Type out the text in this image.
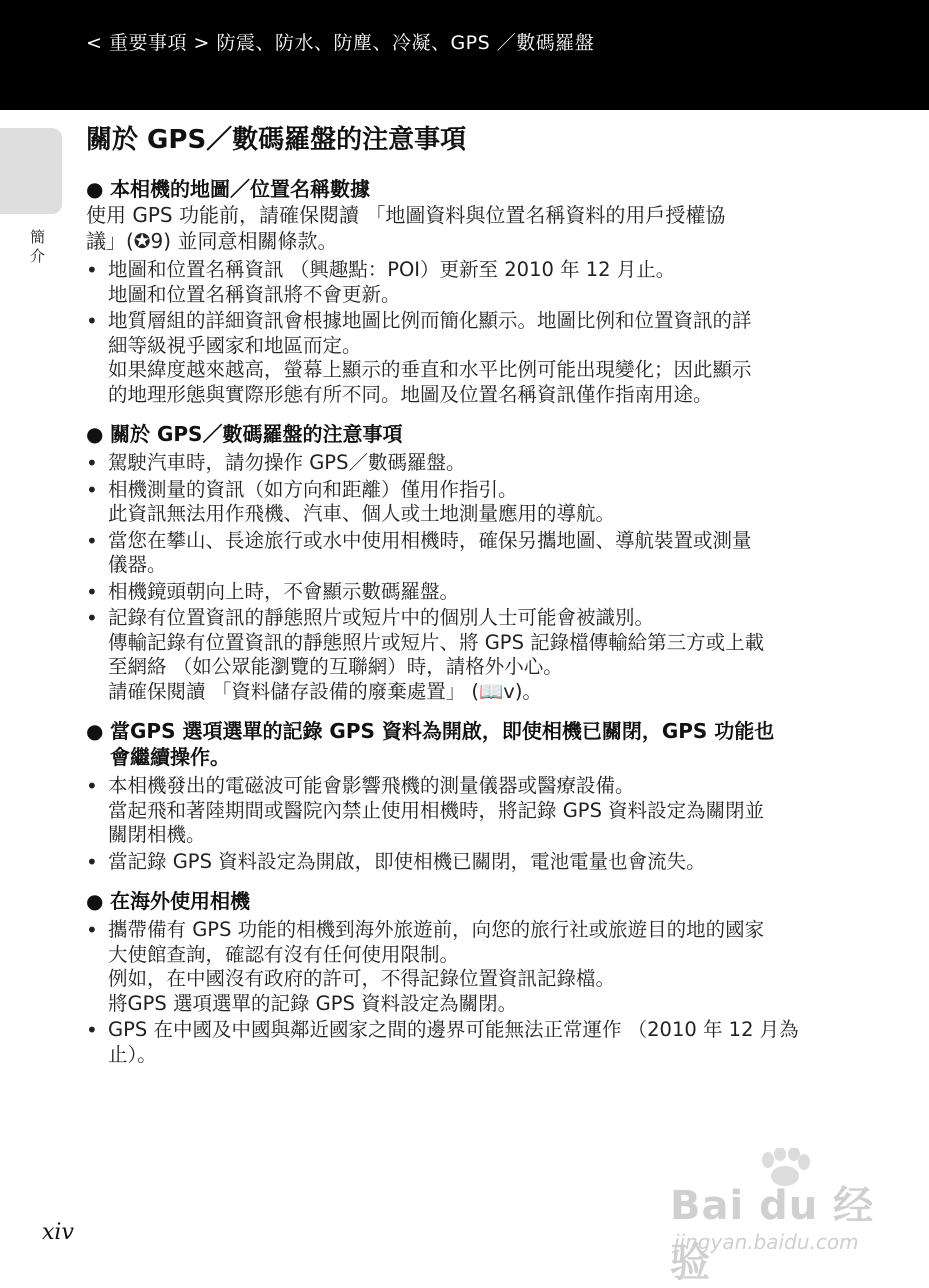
< 重要事項 > 防震、防水、防塵、冷凝、GPS ／數碼羅盤
簡
介
關於 GPS／數碼羅盤的注意事項
● 本相機的地圖／位置名稱數據
使用 GPS 功能前，請確保閱讀 「地圖資料與位置名稱資料的用戶授權協
議」(✪9) 並同意相關條款。
• 地圖和位置名稱資訊 （興趣點：POI）更新至 2010 年 12 月止。
地圖和位置名稱資訊將不會更新。
• 地質層組的詳細資訊會根據地圖比例而簡化顯示。地圖比例和位置資訊的詳
細等級視乎國家和地區而定。
如果緯度越來越高，螢幕上顯示的垂直和水平比例可能出現變化；因此顯示
的地理形態與實際形態有所不同。地圖及位置名稱資訊僅作指南用途。
● 關於 GPS／數碼羅盤的注意事項
• 駕駛汽車時，請勿操作 GPS／數碼羅盤。
• 相機測量的資訊（如方向和距離）僅用作指引。
此資訊無法用作飛機、汽車、個人或土地測量應用的導航。
• 當您在攀山、長途旅行或水中使用相機時，確保另攜地圖、導航裝置或測量
儀器。
• 相機鏡頭朝向上時，不會顯示數碼羅盤。
• 記錄有位置資訊的靜態照片或短片中的個別人士可能會被識別。
傳輸記錄有位置資訊的靜態照片或短片、將 GPS 記錄檔傳輸給第三方或上載
至網絡 （如公眾能瀏覽的互聯網）時，請格外小心。
請確保閱讀 「資料儲存設備的廢棄處置」 (📖v)。
● 當GPS 選項選單的記錄 GPS 資料為開啟，即使相機已關閉，GPS 功能也
會繼續操作。
• 本相機發出的電磁波可能會影響飛機的測量儀器或醫療設備。
當起飛和著陸期間或醫院內禁止使用相機時，將記錄 GPS 資料設定為關閉並
關閉相機。
• 當記錄 GPS 資料設定為開啟，即使相機已關閉，電池電量也會流失。
● 在海外使用相機
• 攜帶備有 GPS 功能的相機到海外旅遊前，向您的旅行社或旅遊目的地的國家
大使館查詢，確認有沒有任何使用限制。
例如，在中國沒有政府的許可，不得記錄位置資訊記錄檔。
將GPS 選項選單的記錄 GPS 資料設定為關閉。
• GPS 在中國及中國與鄰近國家之間的邊界可能無法正常運作 （2010 年 12 月為
止）。
xiv
Bai du 经验
jingyan.baidu.com
